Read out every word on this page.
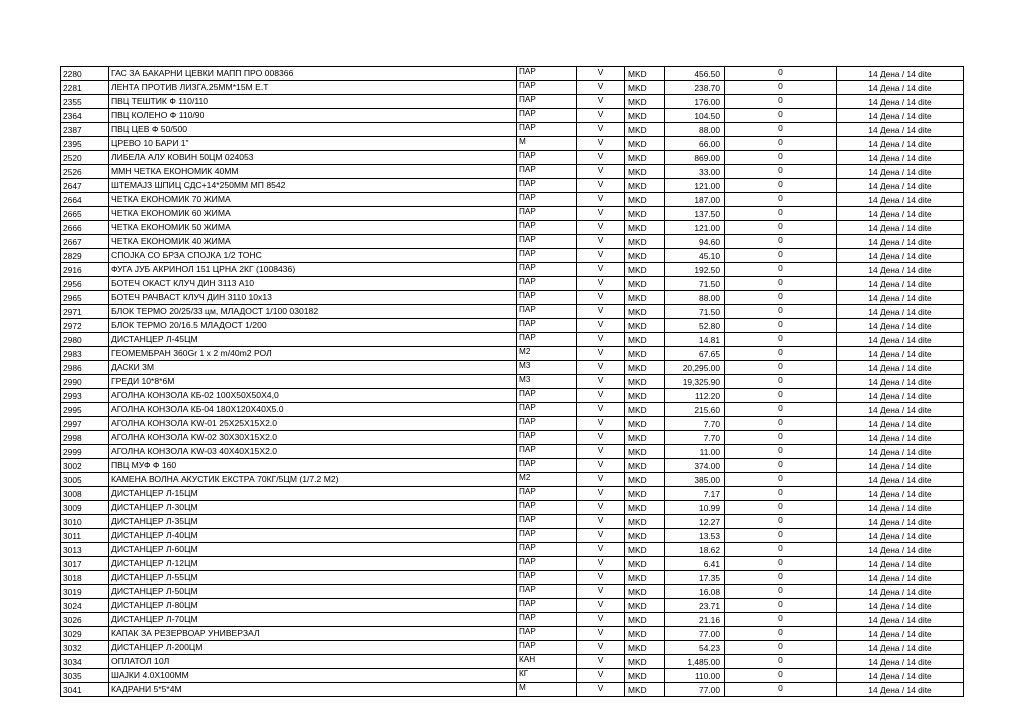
2280	ГАС ЗА БАКАРНИ ЦЕВКИ МАПП ПРО 008366	ПАР	V	MKD	456.50	0	14 Дена / 14 dite
2281	ЛЕНТА ПРОТИВ ЛИЗГА.25ММ*15М Е.Т	ПАР	V	MKD	238.70	0	14 Дена / 14 dite
2355	ПВЦ ТЕШТИК Ф 110/110	ПАР	V	MKD	176.00	0	14 Дена / 14 dite
2364	ПВЦ КОЛЕНО Ф 110/90	ПАР	V	MKD	104.50	0	14 Дена / 14 dite
2387	ПВЦ ЦЕВ Ф 50/500	ПАР	V	MKD	88.00	0	14 Дена / 14 dite
2395	ЦРЕВО 10 БАРИ 1"	М	V	MKD	66.00	0	14 Дена / 14 dite
2520	ЛИБЕЛА АЛУ КОВИН 50ЦМ 024053	ПАР	V	MKD	869.00	0	14 Дена / 14 dite
2526	ММН ЧЕТКА ЕКОНОМИК 40ММ	ПАР	V	MKD	33.00	0	14 Дена / 14 dite
2647	ШТЕМАЈЗ ШПИЦ СДС+14*250ММ МП 8542	ПАР	V	MKD	121.00	0	14 Дена / 14 dite
2664	ЧЕТКА ЕКОНОМИК 70 ЖИМА	ПАР	V	MKD	187.00	0	14 Дена / 14 dite
2665	ЧЕТКА ЕКОНОМИК 60 ЖИМА	ПАР	V	MKD	137.50	0	14 Дена / 14 dite
2666	ЧЕТКА ЕКОНОМИК 50 ЖИМА	ПАР	V	MKD	121.00	0	14 Дена / 14 dite
2667	ЧЕТКА ЕКОНОМИК 40 ЖИМА	ПАР	V	MKD	94.60	0	14 Дена / 14 dite
2829	СПОЈКА СО БРЗА СПОЈКА 1/2 ТОНС	ПАР	V	MKD	45.10	0	14 Дена / 14 dite
2916	ФУГА ЈУБ АКРИНОЛ 151 ЦРНА 2КГ (1008436)	ПАР	V	MKD	192.50	0	14 Дена / 14 dite
2956	БОТЕЧ ОКАСТ КЛУЧ ДИН 3113 А10	ПАР	V	MKD	71.50	0	14 Дена / 14 dite
2965	БОТЕЧ РАЧВАСТ КЛУЧ ДИН 3110 10x13	ПАР	V	MKD	88.00	0	14 Дена / 14 dite
2971	БЛОК ТЕРМО 20/25/33 цм, МЛАДОСТ 1/100 030182	ПАР	V	MKD	71.50	0	14 Дена / 14 dite
2972	БЛОК ТЕРМО 20/16.5 МЛАДОСТ 1/200	ПАР	V	MKD	52.80	0	14 Дена / 14 dite
2980	ДИСТАНЦЕР Л-45ЦМ	ПАР	V	MKD	14.81	0	14 Дена / 14 dite
2983	ГЕОМЕМБРАН 360Gr 1 x 2 m/40m2 РОЛ	М2	V	MKD	67.65	0	14 Дена / 14 dite
2986	ДАСКИ 3М	М3	V	MKD	20,295.00	0	14 Дена / 14 dite
2990	ГРЕДИ 10*8*6М	М3	V	MKD	19,325.90	0	14 Дена / 14 dite
2993	АГОЛНА КОНЗОЛА КБ-02 100X50X50X4,0	ПАР	V	MKD	112.20	0	14 Дена / 14 dite
2995	АГОЛНА КОНЗОЛА КБ-04 180X120X40X5.0	ПАР	V	MKD	215.60	0	14 Дена / 14 dite
2997	АГОЛНА КОНЗОЛА KW-01 25X25X15X2.0	ПАР	V	MKD	7.70	0	14 Дена / 14 dite
2998	АГОЛНА КОНЗОЛА KW-02 30X30X15X2.0	ПАР	V	MKD	7.70	0	14 Дена / 14 dite
2999	АГОЛНА КОНЗОЛА KW-03 40X40X15X2.0	ПАР	V	MKD	11.00	0	14 Дена / 14 dite
3002	ПВЦ МУФ Ф 160	ПАР	V	MKD	374.00	0	14 Дена / 14 dite
3005	КАМЕНА ВОЛНА АКУСТИК ЕКСТРА 70КГ/5ЦМ (1/7.2 М2)	М2	V	MKD	385.00	0	14 Дена / 14 dite
3008	ДИСТАНЦЕР Л-15ЦМ	ПАР	V	MKD	7.17	0	14 Дена / 14 dite
3009	ДИСТАНЦЕР Л-30ЦМ	ПАР	V	MKD	10.99	0	14 Дена / 14 dite
3010	ДИСТАНЦЕР Л-35ЦМ	ПАР	V	MKD	12.27	0	14 Дена / 14 dite
3011	ДИСТАНЦЕР Л-40ЦМ	ПАР	V	MKD	13.53	0	14 Дена / 14 dite
3013	ДИСТАНЦЕР Л-60ЦМ	ПАР	V	MKD	18.62	0	14 Дена / 14 dite
3017	ДИСТАНЦЕР Л-12ЦМ	ПАР	V	MKD	6.41	0	14 Дена / 14 dite
3018	ДИСТАНЦЕР Л-55ЦМ	ПАР	V	MKD	17.35	0	14 Дена / 14 dite
3019	ДИСТАНЦЕР Л-50ЦМ	ПАР	V	MKD	16.08	0	14 Дена / 14 dite
3024	ДИСТАНЦЕР Л-80ЦМ	ПАР	V	MKD	23.71	0	14 Дена / 14 dite
3026	ДИСТАНЦЕР Л-70ЦМ	ПАР	V	MKD	21.16	0	14 Дена / 14 dite
3029	КАПАК ЗА РЕЗЕРВОАР УНИВЕРЗАЛ	ПАР	V	MKD	77.00	0	14 Дена / 14 dite
3032	ДИСТАНЦЕР Л-200ЦМ	ПАР	V	MKD	54.23	0	14 Дена / 14 dite
3034	ОПЛАТОЛ 10Л	КАН	V	MKD	1,485.00	0	14 Дена / 14 dite
3035	ШАЈКИ 4.0X100ММ	КГ	V	MKD	110.00	0	14 Дена / 14 dite
3041	КАДРАНИ 5*5*4М	М	V	MKD	77.00	0	14 Дена / 14 dite
